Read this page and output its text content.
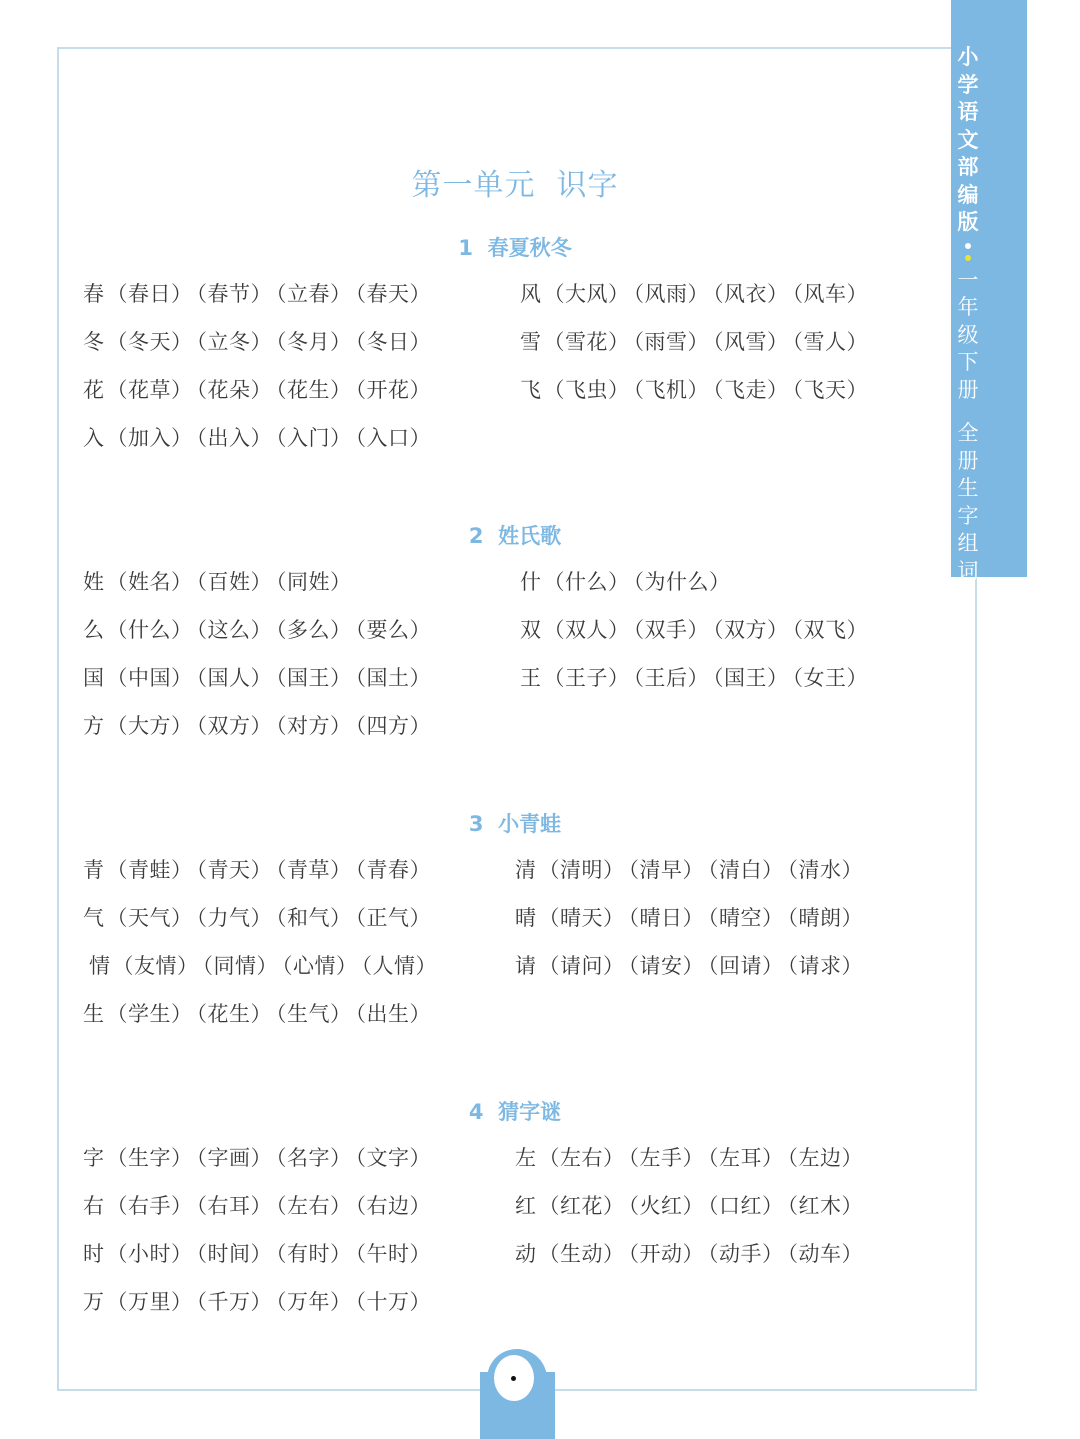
小
学
语
文
部
编
版
一
年
级
下
册
全
册
生
字
组
词
第一单元  识字
1  春夏秋冬
春（春日） （春节） （立春） （春天）
冬（冬天） （立冬） （冬月） （冬日）
花（花草） （花朵） （花生） （开花）
入（加入） （出入） （入门） （入口）
风（大风） （风雨） （风衣） （风车）
雪（雪花） （雨雪） （风雪） （雪人）
飞（飞虫） （飞机） （飞走） （飞天）
2  姓氏歌
姓（姓名） （百姓） （同姓）
么（什么） （这么） （多么） （要么）
国（中国） （国人） （国王） （国土）
方（大方） （双方） （对方） （四方）
什（什么） （为什么）
双（双人） （双手） （双方） （双飞）
王（王子） （王后） （国王） （女王）
3  小青蛙
青（青蛙） （青天） （青草） （青春）
气（天气） （力气） （和气） （正气）
情（友情） （同情） （心情） （人情）
生（学生） （花生） （生气） （出生）
清（清明） （清早） （清白） （清水）
晴（晴天） （晴日） （晴空） （晴朗）
请（请问） （请安） （回请） （请求）
4  猜字谜
字（生字） （字画） （名字） （文字）
右（右手） （右耳） （左右） （右边）
时（小时） （时间） （有时） （午时）
万（万里） （千万） （万年） （十万）
左（左右） （左手） （左耳） （左边）
红（红花） （火红） （口红） （红木）
动（生动） （开动） （动手） （动车）
